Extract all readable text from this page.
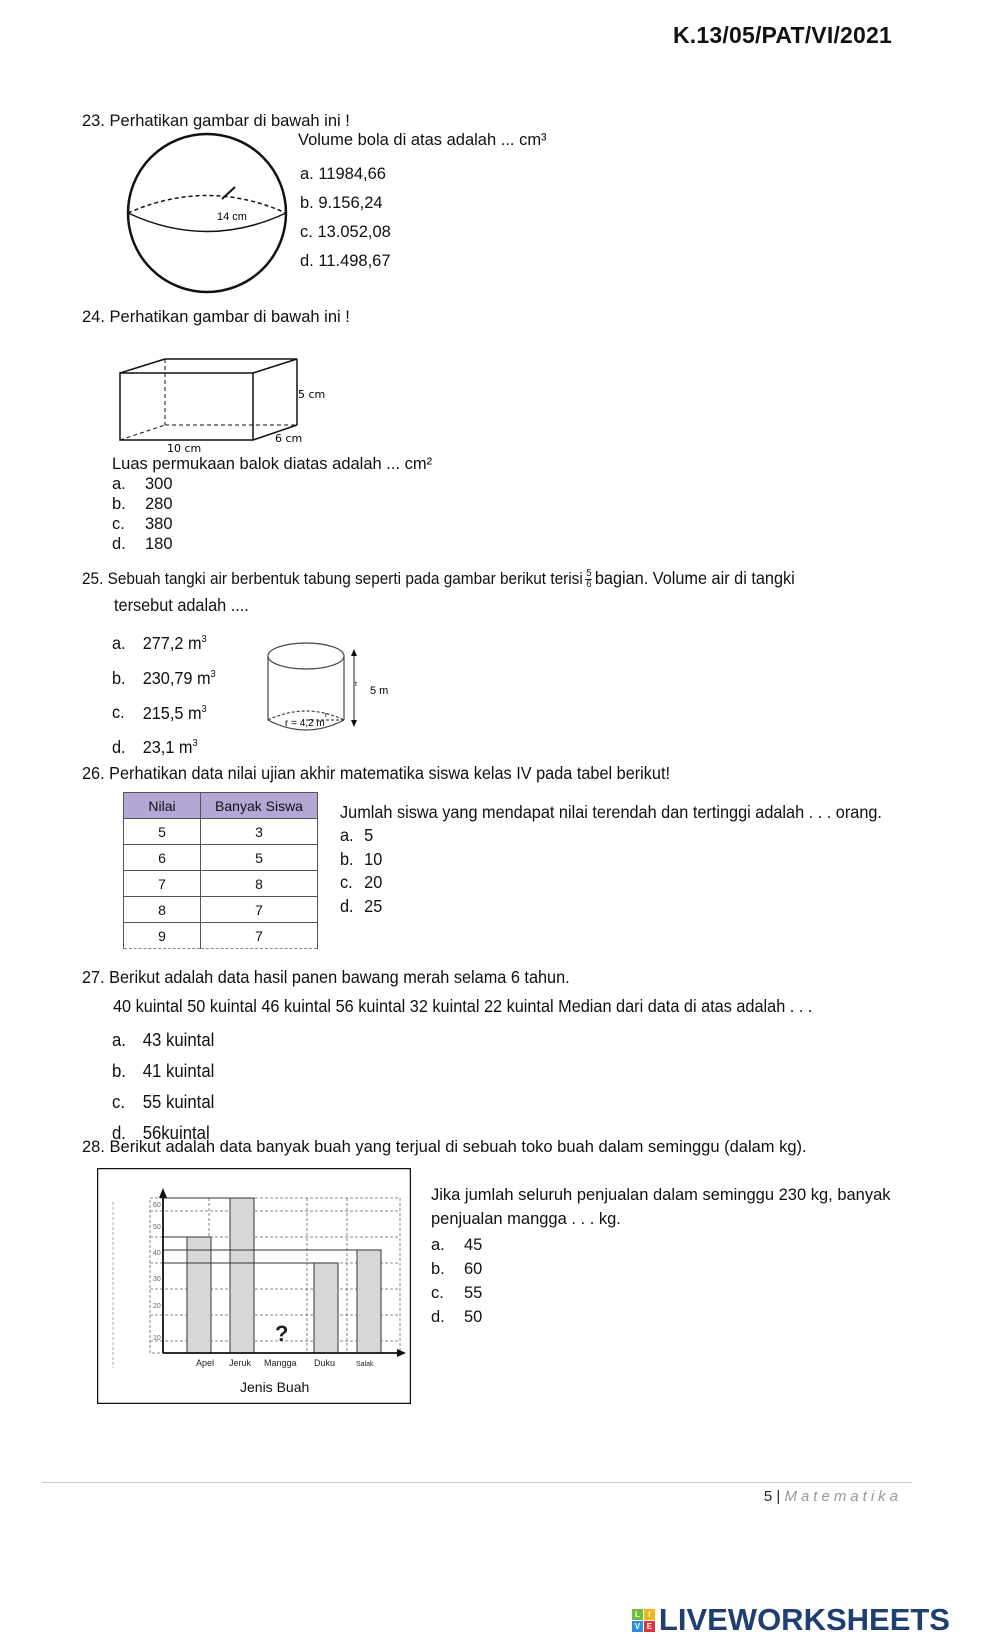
K.13/05/PAT/VI/2021
23. Perhatikan gambar di bawah ini !
14 cm
Volume bola di atas adalah ... cm³
a. 11984,66
b. 9.156,24
c. 13.052,08
d. 11.498,67
24. Perhatikan gambar di bawah ini !
5 cm
6 cm
10 cm
Luas permukaan balok diatas adalah ... cm²
a. 300
b. 280
c. 380
d. 180
25. Sebuah tangki air berbentuk tabung seperti pada gambar berikut terisi $\frac{5}{6}$ bagian. Volume air di tangki
tersebut adalah ....
a. 277,2 $m^3$
b. 230,79 $m^3$
c. 215,5 $m^3$
d. 23,1 $m^3$
t
5 m
r
r = 4,2 m
26. Perhatikan data nilai ujian akhir matematika siswa kelas IV pada tabel berikut!
Nilai	Banyak Siswa
5	3
6	5
7	8
8	7
9	7
Jumlah siswa yang mendapat nilai terendah dan tertinggi adalah . . . orang.
a. 5
b. 10
c. 20
d. 25
27. Berikut adalah data hasil panen bawang merah selama 6 tahun.
40 kuintal 50 kuintal 46 kuintal 56 kuintal 32 kuintal 22 kuintal Median dari data di atas adalah . . .
a. 43 kuintal
b. 41 kuintal
c. 55 kuintal
d. 56kuintal
28. Berikut adalah data banyak buah yang terjual di sebuah toko buah dalam seminggu (dalam kg).
10
20
30
40
50
60
Apel Jeruk Mangga Duku	Salak
?
Jenis Buah
Jika jumlah seluruh penjualan dalam seminggu 230 kg, banyak
penjualan mangga . . . kg.
a. 45
b. 60
c. 55
d. 50
5 | Matematika
L	I
V E LIVEWORKSHEETS
